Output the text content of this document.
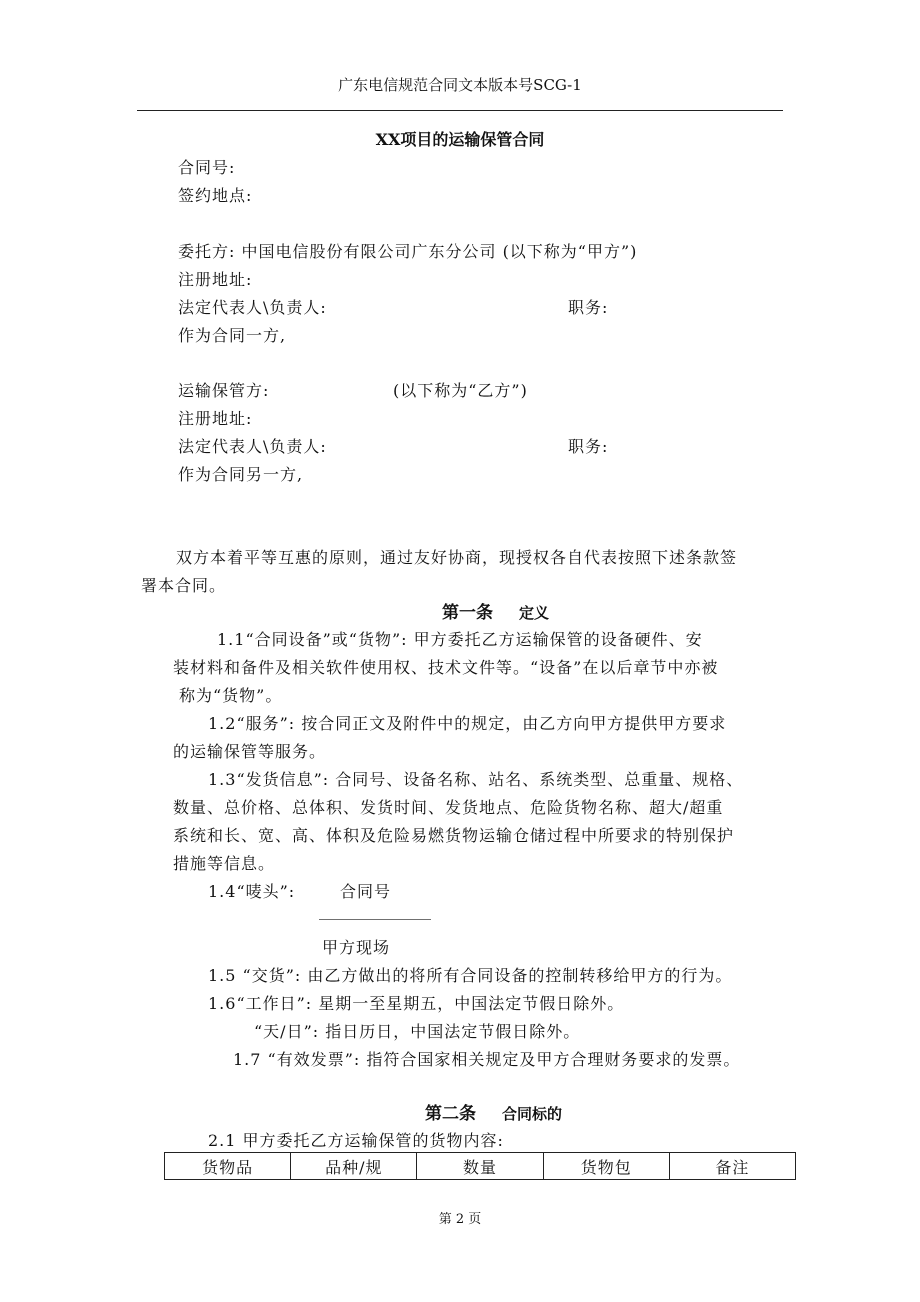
广东电信规范合同文本版本号SCG-1
XX项目的运输保管合同
合同号:
签约地点:
委托方: 中国电信股份有限公司广东分公司 (以下称为“甲方”)
注册地址:
法定代表人\负责人:	职务:
作为合同一方,
运输保管方:	(以下称为“乙方”)
注册地址:
法定代表人\负责人:	职务:
作为合同另一方,
双方本着平等互惠的原则，通过友好协商，现授权各自代表按照下述条款签
署本合同。
第一条 定义
1.1“合同设备”或“货物”: 甲方委托乙方运输保管的设备硬件、安
装材料和备件及相关软件使用权、技术文件等。“设备”在以后章节中亦被
称为“货物”。
1.2“服务”: 按合同正文及附件中的规定，由乙方向甲方提供甲方要求
的运输保管等服务。
1.3“发货信息”: 合同号、设备名称、站名、系统类型、总重量、规格、
数量、总价格、总体积、发货时间、发货地点、危险货物名称、超大/超重
系统和长、宽、高、体积及危险易燃货物运输仓储过程中所要求的特别保护
措施等信息。
1.4“唛头”:	合同号
______________
甲方现场
1.5 “交货”: 由乙方做出的将所有合同设备的控制转移给甲方的行为。
1.6“工作日”: 星期一至星期五，中国法定节假日除外。
“天/日”: 指日历日，中国法定节假日除外。
1.7 “有效发票”: 指符合国家相关规定及甲方合理财务要求的发票。
第二条 合同标的
2.1 甲方委托乙方运输保管的货物内容:
货物品	品种/规	数量	货物包	备注
第 2 页
